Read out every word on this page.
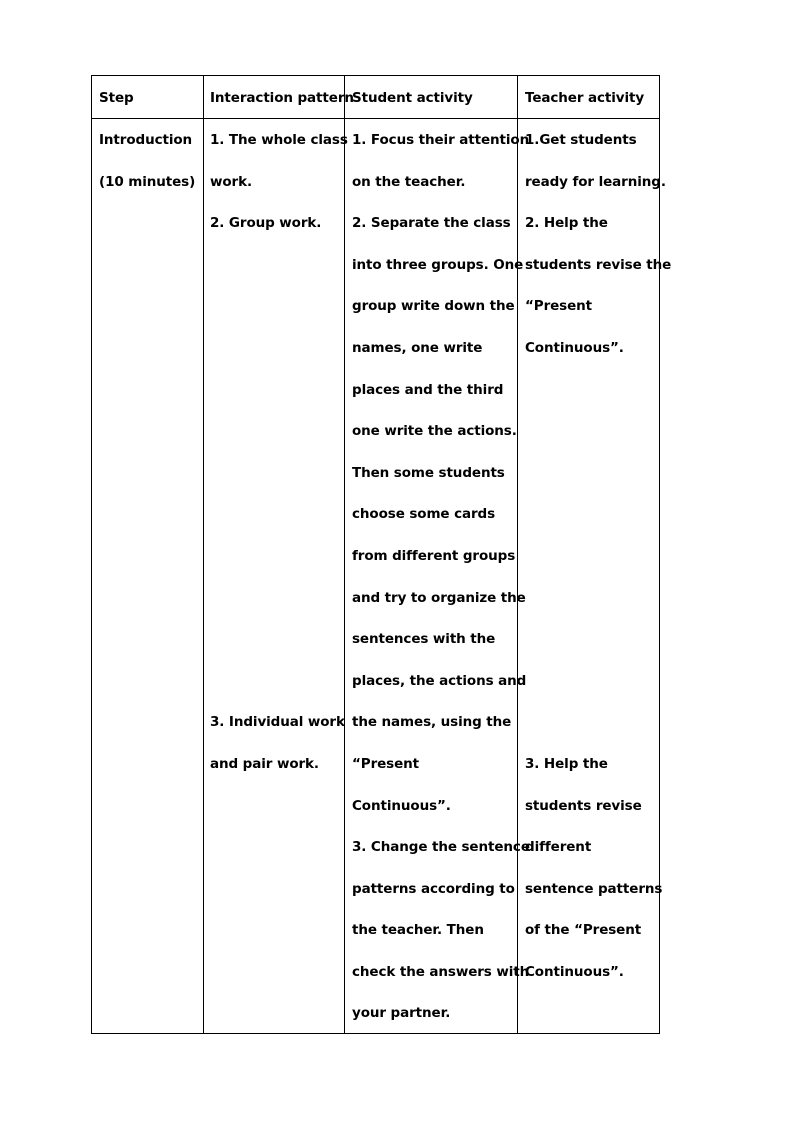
Step	Interaction pattern
Student activity	Teacher activity
Introduction
(10 minutes)
1. The whole class
work.
2. Group work.
3. Individual work
and pair work.
1. Focus their attention
on the teacher.
2. Separate the class
into three groups. One
group write down the
names, one write
places and the third
one write the actions.
Then some students
choose some cards
from different groups
and try to organize the
sentences with the
places, the actions and
the names, using the
“Present
Continuous”.
3. Change the sentence
patterns according to
the teacher. Then
check the answers with
your partner.
1.Get students
ready for learning.
2. Help the
students revise the
“Present
Continuous”.
3. Help the
students revise
different
sentence patterns
of the “Present
Continuous”.
